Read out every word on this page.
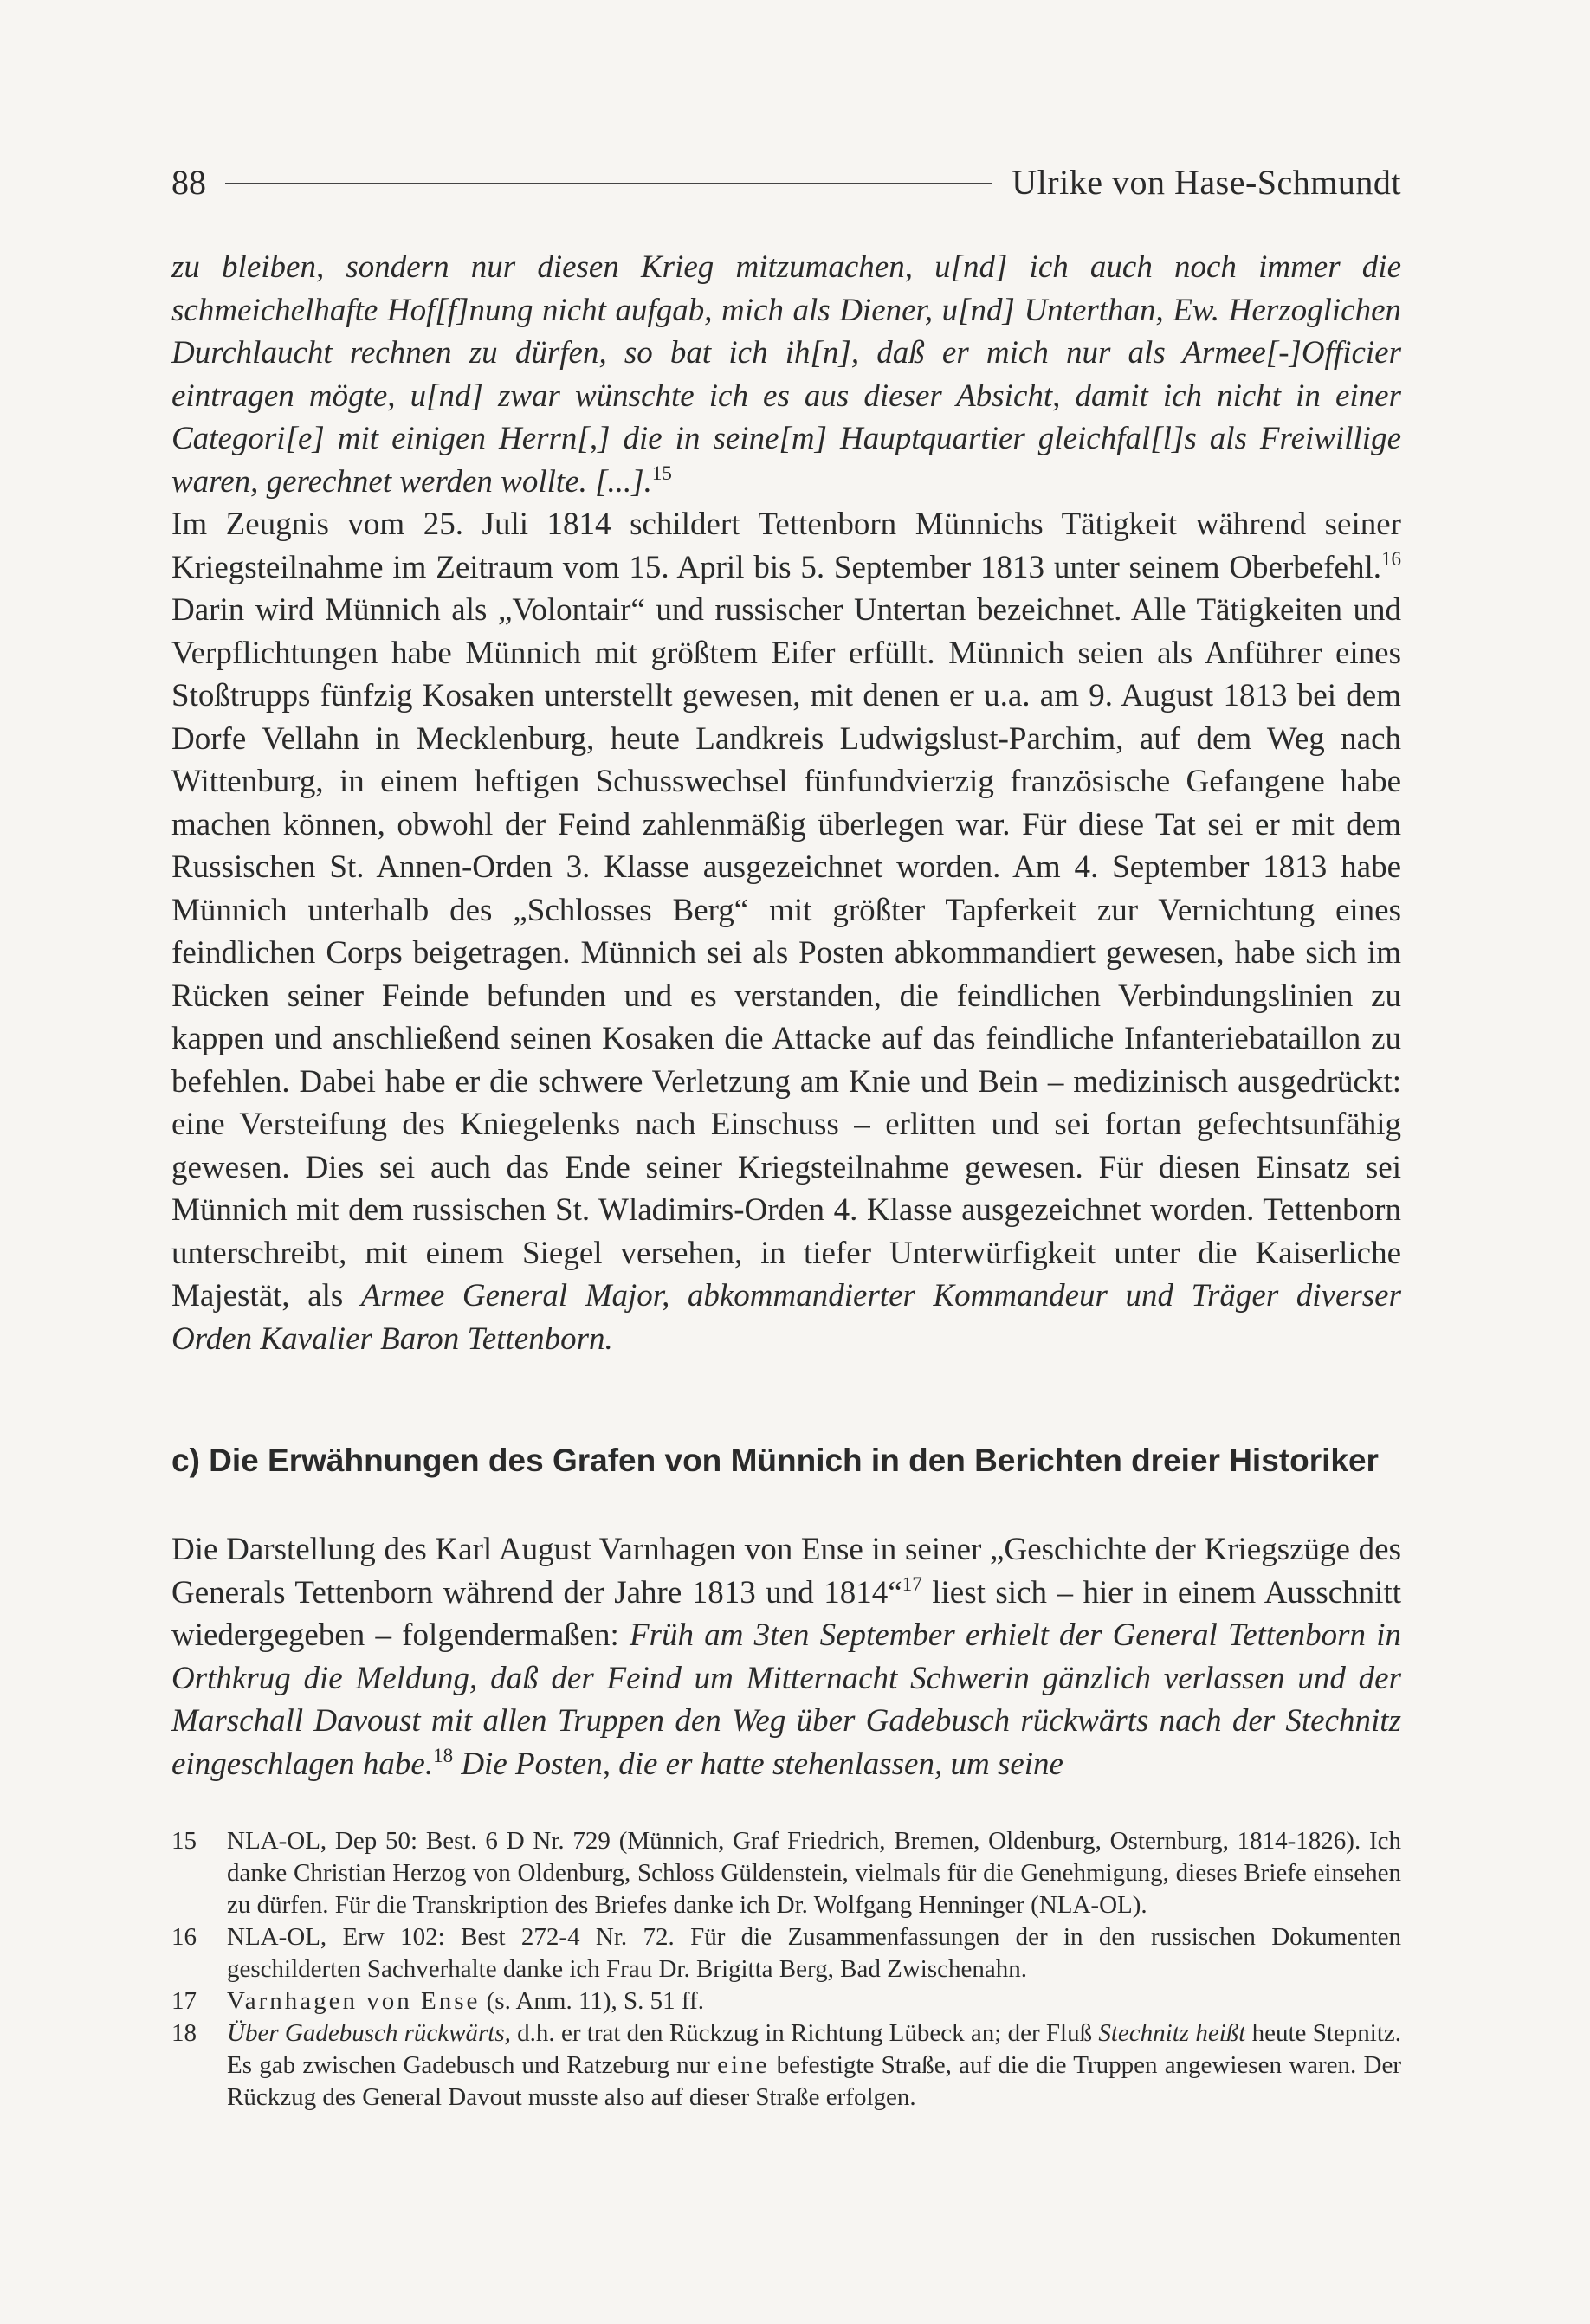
88	Ulrike von Hase-Schmundt

zu bleiben, sondern nur diesen Krieg mitzumachen, u[nd] ich auch noch immer die schmeichelhafte Hof[f]nung nicht aufgab, mich als Diener, u[nd] Unterthan, Ew. Herzoglichen Durchlaucht rechnen zu dürfen, so bat ich ih[n], daß er mich nur als Armee[-]Officier eintragen mögte, u[nd] zwar wünschte ich es aus dieser Absicht, damit ich nicht in einer Categori[e] mit einigen Herrn[,] die in seine[m] Hauptquartier gleichfal[l]s als Freiwillige waren, gerechnet werden wollte. [...].$^{15}$

Im Zeugnis vom 25. Juli 1814 schildert Tettenborn Münnichs Tätigkeit während seiner Kriegsteilnahme im Zeitraum vom 15. April bis 5. September 1813 unter seinem Oberbefehl.$^{16}$ Darin wird Münnich als „Volontair“ und russischer Untertan bezeichnet. Alle Tätigkeiten und Verpflichtungen habe Münnich mit größtem Eifer erfüllt. Münnich seien als Anführer eines Stoßtrupps fünfzig Kosaken unterstellt gewesen, mit denen er u.a. am 9. August 1813 bei dem Dorfe Vellahn in Mecklenburg, heute Landkreis Ludwigslust-Parchim, auf dem Weg nach Wittenburg, in einem heftigen Schusswechsel fünfundvierzig französische Gefangene habe machen können, obwohl der Feind zahlenmäßig überlegen war. Für diese Tat sei er mit dem Russischen St. Annen-Orden 3. Klasse ausgezeichnet worden. Am 4. September 1813 habe Münnich unterhalb des „Schlosses Berg“ mit größter Tapferkeit zur Vernichtung eines feindlichen Corps beigetragen. Münnich sei als Posten abkommandiert gewesen, habe sich im Rücken seiner Feinde befunden und es verstanden, die feindlichen Verbindungslinien zu kappen und anschließend seinen Kosaken die Attacke auf das feindliche Infanteriebataillon zu befehlen. Dabei habe er die schwere Verletzung am Knie und Bein – medizinisch ausgedrückt: eine Versteifung des Kniegelenks nach Einschuss – erlitten und sei fortan gefechtsunfähig gewesen. Dies sei auch das Ende seiner Kriegsteilnahme gewesen. Für diesen Einsatz sei Münnich mit dem russischen St. Wladimirs-Orden 4. Klasse ausgezeichnet worden. Tettenborn unterschreibt, mit einem Siegel versehen, in tiefer Unterwürfigkeit unter die Kaiserliche Majestät, als Armee General Major, abkommandierter Kommandeur und Träger diverser Orden Kavalier Baron Tettenborn.

c) Die Erwähnungen des Grafen von Münnich in den Berichten dreier Historiker

Die Darstellung des Karl August Varnhagen von Ense in seiner „Geschichte der Kriegszüge des Generals Tettenborn während der Jahre 1813 und 1814“$^{17}$ liest sich – hier in einem Ausschnitt wiedergegeben – folgendermaßen: Früh am 3ten September erhielt der General Tettenborn in Orthkrug die Meldung, daß der Feind um Mitternacht Schwerin gänzlich verlassen und der Marschall Davoust mit allen Truppen den Weg über Gadebusch rückwärts nach der Stechnitz eingeschlagen habe.$^{18}$ Die Posten, die er hatte stehenlassen, um seine

15	NLA-OL, Dep 50: Best. 6 D Nr. 729 (Münnich, Graf Friedrich, Bremen, Oldenburg, Osternburg, 1814-1826). Ich danke Christian Herzog von Oldenburg, Schloss Güldenstein, vielmals für die Genehmigung, dieses Briefe einsehen zu dürfen. Für die Transkription des Briefes danke ich Dr. Wolfgang Henninger (NLA-OL).
16	NLA-OL, Erw 102: Best 272-4 Nr. 72. Für die Zusammenfassungen der in den russischen Dokumenten geschilderten Sachverhalte danke ich Frau Dr. Brigitta Berg, Bad Zwischenahn.
17	Varnhagen von Ense (s. Anm. 11), S. 51 ff.
18	Über Gadebusch rückwärts, d.h. er trat den Rückzug in Richtung Lübeck an; der Fluß Stechnitz heißt heute Stepnitz. Es gab zwischen Gadebusch und Ratzeburg nur eine befestigte Straße, auf die die Truppen angewiesen waren. Der Rückzug des General Davout musste also auf dieser Straße erfolgen.
